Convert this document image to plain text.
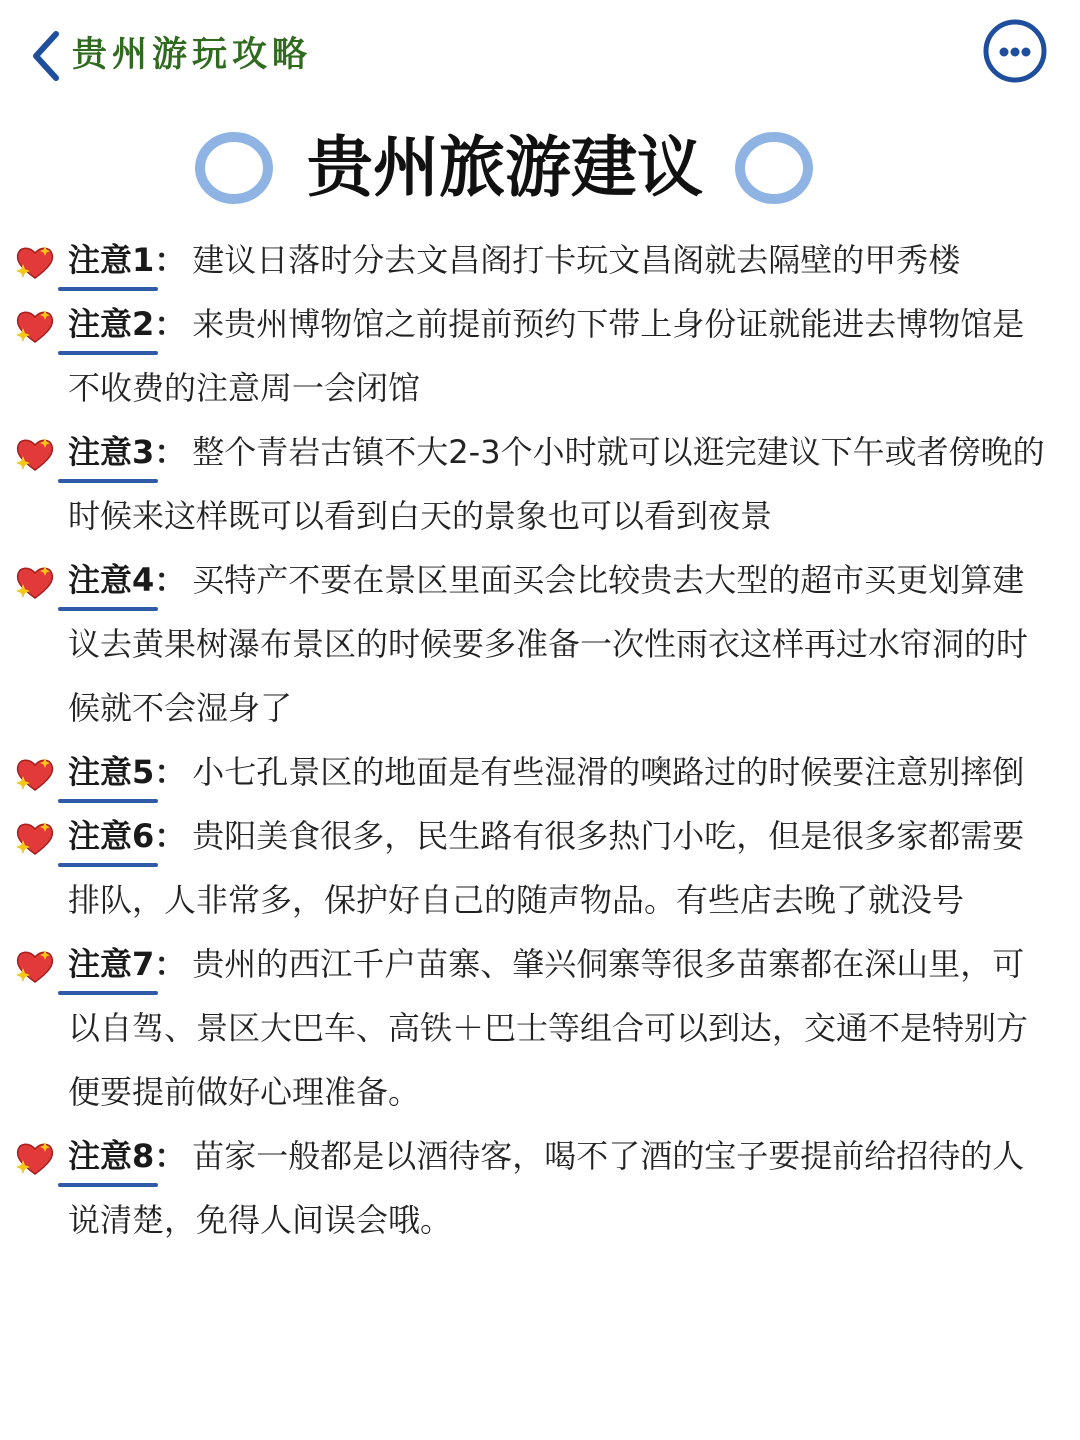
贵州游玩攻略
贵州旅游建议
注意1： 建议日落时分去文昌阁打卡玩文昌阁就去隔壁的甲秀楼
注意2： 来贵州博物馆之前提前预约下带上身份证就能进去博物馆是不收费的注意周一会闭馆
注意3： 整个青岩古镇不大2-3个小时就可以逛完建议下午或者傍晚的时候来这样既可以看到白天的景象也可以看到夜景
注意4： 买特产不要在景区里面买会比较贵去大型的超市买更划算建议去黄果树瀑布景区的时候要多准备一次性雨衣这样再过水帘洞的时候就不会湿身了
注意5： 小七孔景区的地面是有些湿滑的噢路过的时候要注意别摔倒
注意6： 贵阳美食很多，民生路有很多热门小吃，但是很多家都需要排队，人非常多，保护好自己的随声物品。有些店去晚了就没号
注意7： 贵州的西江千户苗寨、肇兴侗寨等很多苗寨都在深山里，可以自驾、景区大巴车、高铁＋巴士等组合可以到达，交通不是特别方便要提前做好心理准备。
注意8： 苗家一般都是以酒待客，喝不了酒的宝子要提前给招待的人说清楚，免得人间误会哦。
